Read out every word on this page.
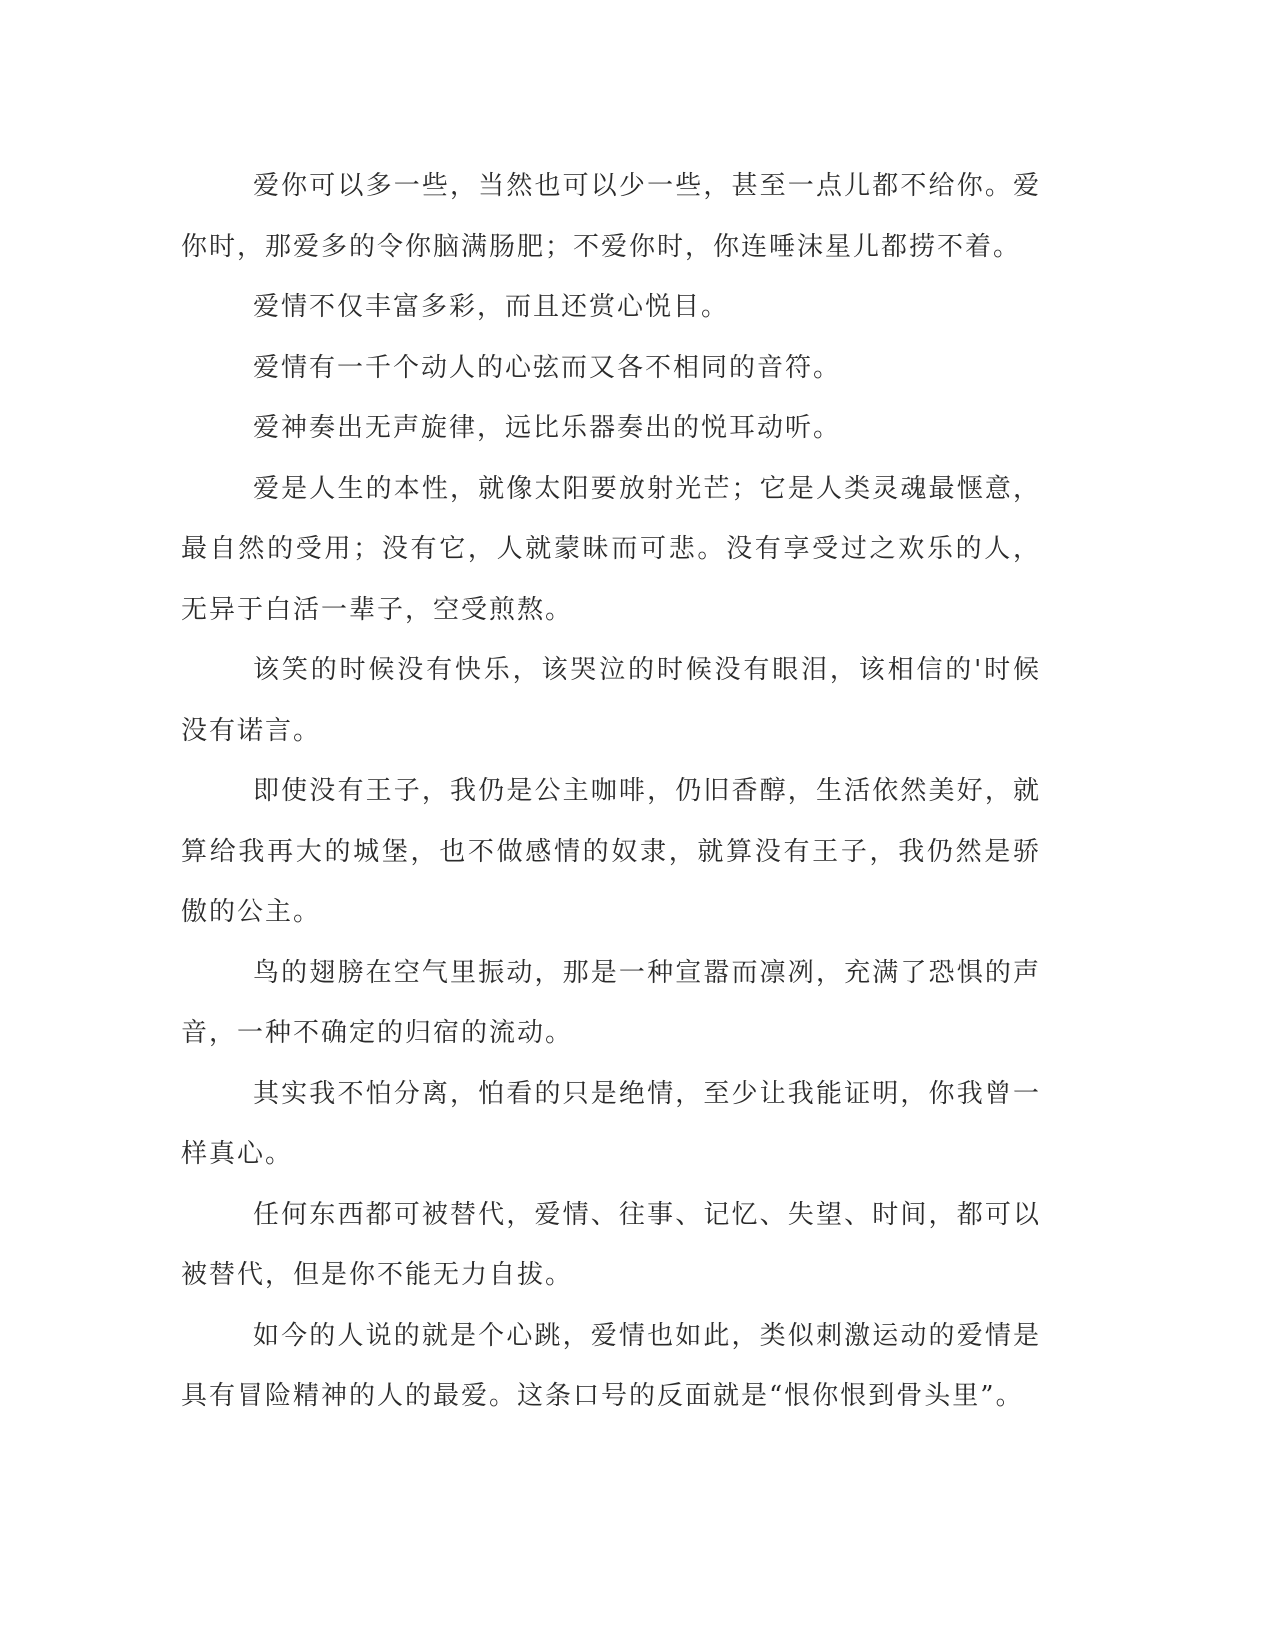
爱你可以多一些，当然也可以少一些，甚至一点儿都不给你。爱你时，那爱多的令你脑满肠肥；不爱你时，你连唾沫星儿都捞不着。

爱情不仅丰富多彩，而且还赏心悦目。

爱情有一千个动人的心弦而又各不相同的音符。

爱神奏出无声旋律，远比乐器奏出的悦耳动听。

爱是人生的本性，就像太阳要放射光芒；它是人类灵魂最惬意，最自然的受用；没有它，人就蒙昧而可悲。没有享受过之欢乐的人，无异于白活一辈子，空受煎熬。

该笑的时候没有快乐，该哭泣的时候没有眼泪，该相信的'时候没有诺言。

即使没有王子，我仍是公主咖啡，仍旧香醇，生活依然美好，就算给我再大的城堡，也不做感情的奴隶，就算没有王子，我仍然是骄傲的公主。

鸟的翅膀在空气里振动，那是一种宣嚣而凛冽，充满了恐惧的声音，一种不确定的归宿的流动。

其实我不怕分离，怕看的只是绝情，至少让我能证明，你我曾一样真心。

任何东西都可被替代，爱情、往事、记忆、失望、时间，都可以被替代，但是你不能无力自拔。

如今的人说的就是个心跳，爱情也如此，类似刺激运动的爱情是具有冒险精神的人的最爱。这条口号的反面就是“恨你恨到骨头里”。
